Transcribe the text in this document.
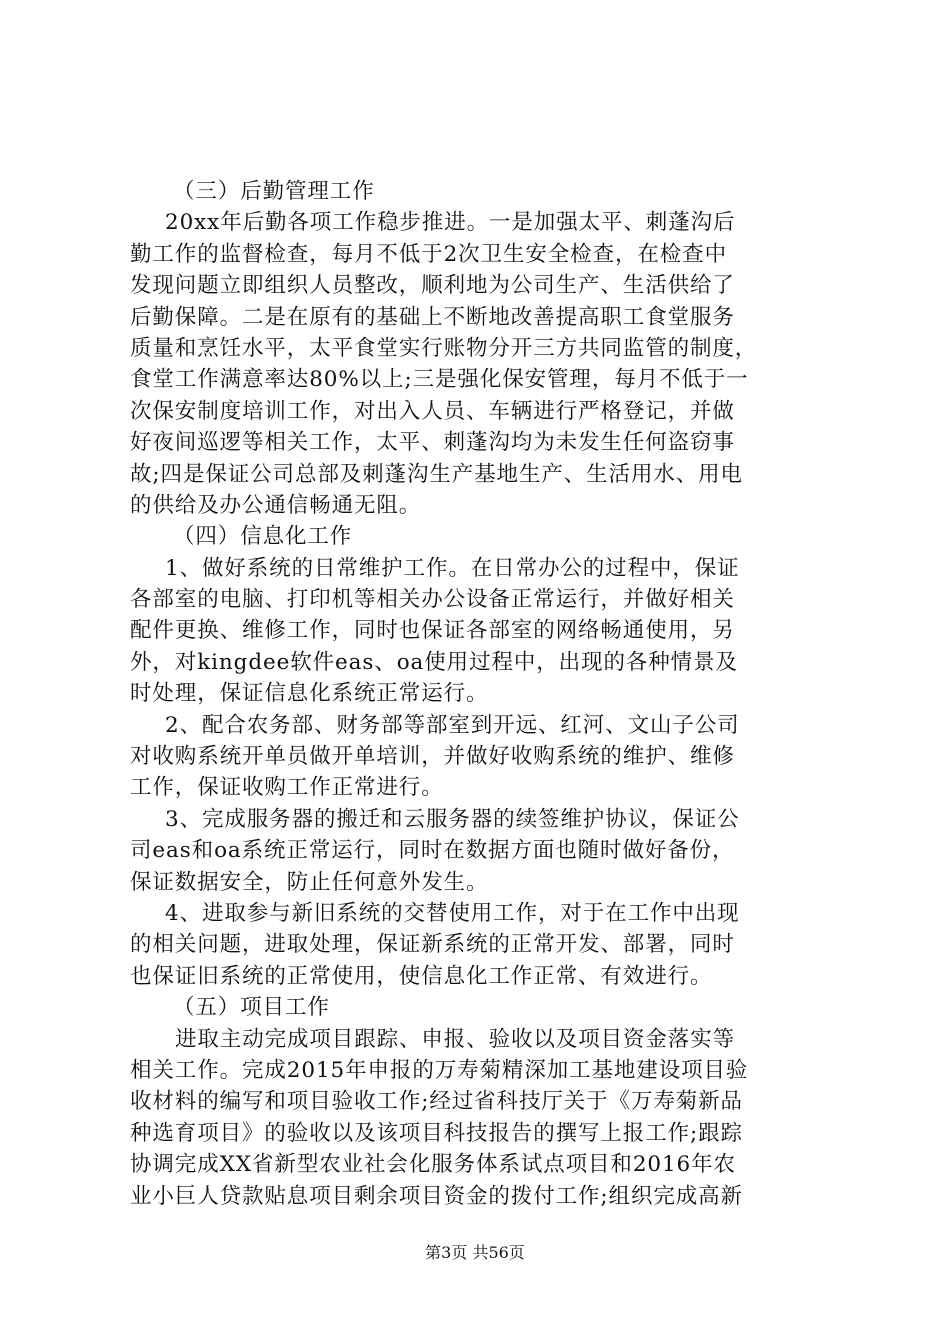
（三）后勤管理工作
20xx年后勤各项工作稳步推进。一是加强太平、刺蓬沟后
勤工作的监督检查，每月不低于2次卫生安全检查，在检查中
发现问题立即组织人员整改，顺利地为公司生产、生活供给了
后勤保障。二是在原有的基础上不断地改善提高职工食堂服务
质量和烹饪水平，太平食堂实行账物分开三方共同监管的制度，
食堂工作满意率达80%以上;三是强化保安管理，每月不低于一
次保安制度培训工作，对出入人员、车辆进行严格登记，并做
好夜间巡逻等相关工作，太平、刺蓬沟均为未发生任何盗窃事
故;四是保证公司总部及刺蓬沟生产基地生产、生活用水、用电
的供给及办公通信畅通无阻。
（四）信息化工作
1、做好系统的日常维护工作。在日常办公的过程中，保证
各部室的电脑、打印机等相关办公设备正常运行，并做好相关
配件更换、维修工作，同时也保证各部室的网络畅通使用，另
外，对kingdee软件eas、oa使用过程中，出现的各种情景及
时处理，保证信息化系统正常运行。
2、配合农务部、财务部等部室到开远、红河、文山子公司
对收购系统开单员做开单培训，并做好收购系统的维护、维修
工作，保证收购工作正常进行。
3、完成服务器的搬迁和云服务器的续签维护协议，保证公
司eas和oa系统正常运行，同时在数据方面也随时做好备份，
保证数据安全，防止任何意外发生。
4、进取参与新旧系统的交替使用工作，对于在工作中出现
的相关问题，进取处理，保证新系统的正常开发、部署，同时
也保证旧系统的正常使用，使信息化工作正常、有效进行。
（五）项目工作
进取主动完成项目跟踪、申报、验收以及项目资金落实等
相关工作。完成2015年申报的万寿菊精深加工基地建设项目验
收材料的编写和项目验收工作;经过省科技厅关于《万寿菊新品
种选育项目》的验收以及该项目科技报告的撰写上报工作;跟踪
协调完成XX省新型农业社会化服务体系试点项目和2016年农
业小巨人贷款贴息项目剩余项目资金的拨付工作;组织完成高新
第3页 共56页
